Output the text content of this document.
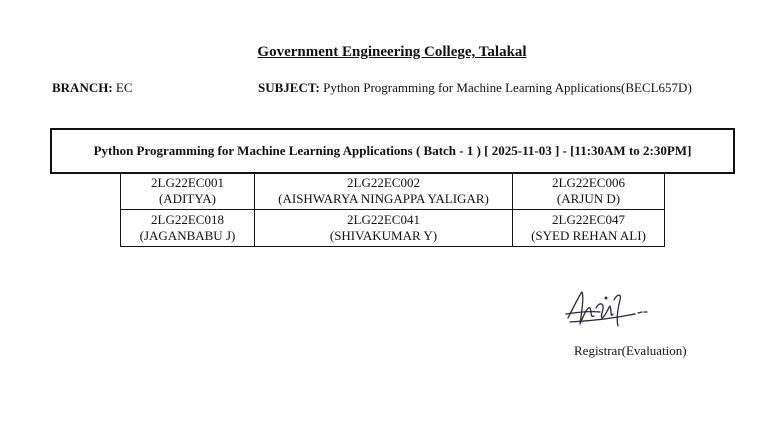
Government Engineering College, Talakal
BRANCH: EC	SUBJECT: Python Programming for Machine Learning Applications(BECL657D)
Python Programming for Machine Learning Applications ( Batch - 1 ) [ 2025-11-03 ] - [11:30AM to 2:30PM]
2LG22EC001
(ADITYA)	2LG22EC002
(AISHWARYA NINGAPPA YALIGAR)	2LG22EC006
(ARJUN D)

2LG22EC018
(JAGANBABU J)	2LG22EC041
(SHIVAKUMAR Y)	2LG22EC047
(SYED REHAN ALI)
Registrar(Evaluation)
